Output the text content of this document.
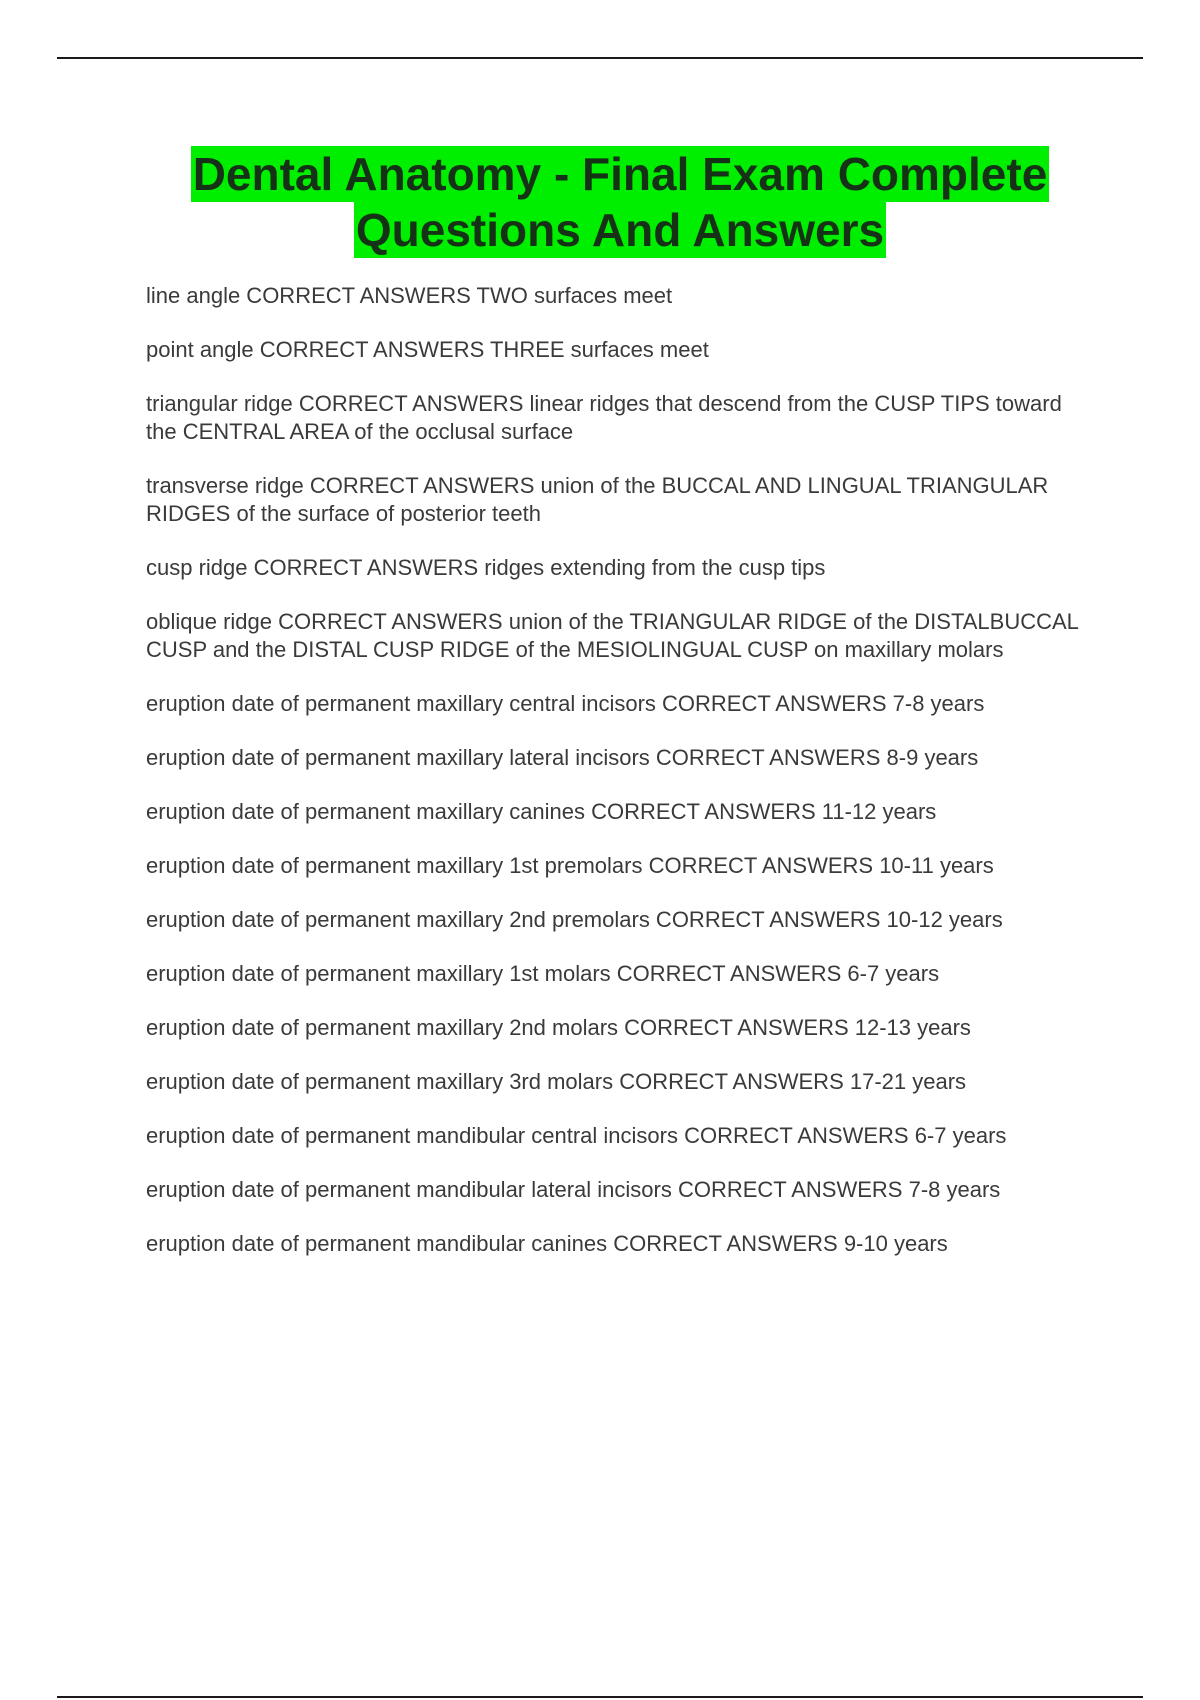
Dental Anatomy - Final Exam Complete
Questions And Answers
line angle CORRECT ANSWERS TWO surfaces meet
point angle CORRECT ANSWERS THREE surfaces meet
triangular ridge CORRECT ANSWERS linear ridges that descend from the CUSP TIPS toward the CENTRAL AREA of the occlusal surface
transverse ridge CORRECT ANSWERS union of the BUCCAL AND LINGUAL TRIANGULAR RIDGES of the surface of posterior teeth
cusp ridge CORRECT ANSWERS ridges extending from the cusp tips
oblique ridge CORRECT ANSWERS union of the TRIANGULAR RIDGE of the DISTALBUCCAL CUSP and the DISTAL CUSP RIDGE of the MESIOLINGUAL CUSP on maxillary molars
eruption date of permanent maxillary central incisors CORRECT ANSWERS 7-8 years
eruption date of permanent maxillary lateral incisors CORRECT ANSWERS 8-9 years
eruption date of permanent maxillary canines CORRECT ANSWERS 11-12 years
eruption date of permanent maxillary 1st premolars CORRECT ANSWERS 10-11 years
eruption date of permanent maxillary 2nd premolars CORRECT ANSWERS 10-12 years
eruption date of permanent maxillary 1st molars CORRECT ANSWERS 6-7 years
eruption date of permanent maxillary 2nd molars CORRECT ANSWERS 12-13 years
eruption date of permanent maxillary 3rd molars CORRECT ANSWERS 17-21 years
eruption date of permanent mandibular central incisors CORRECT ANSWERS 6-7 years
eruption date of permanent mandibular lateral incisors CORRECT ANSWERS 7-8 years
eruption date of permanent mandibular canines CORRECT ANSWERS 9-10 years
